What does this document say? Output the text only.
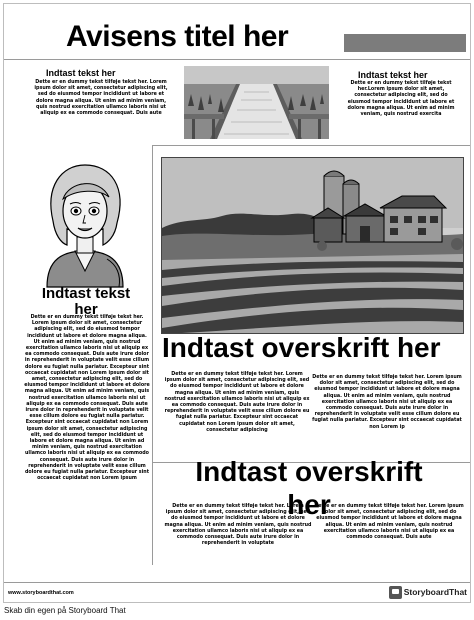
Avisens titel her
Indtast tekst her
Dette er en dummy tekst tilføje tekst her. Lorem ipsum dolor sit amet, consectetur adipiscing elit, sed do eiusmod tempor incididunt ut labore et dolore magna aliqua. Ut enim ad minim veniam, quis nostrud exercitation ullamco laboris nisi ut aliquip ex ea commodo consequat. Duis aute
Indtast tekst her
Dette er en dummy tekst tilføje tekst her.Lorem ipsum dolor sit amet, consectetur adipiscing elit, sed do eiusmod tempor incididunt ut labore et dolore magna aliqua. Ut enim ad minim veniam, quis nostrud exercita
Indtast tekst her
Dette er en dummy tekst tilføje tekst her. Lorem ipsum dolor sit amet, consectetur adipiscing elit, sed do eiusmod tempor incididunt ut labore et dolore magna aliqua. Ut enim ad minim veniam, quis nostrud exercitation ullamco laboris nisi ut aliquip ex ea commodo consequat. Duis aute irure dolor in reprehenderit in voluptate velit esse cillum dolore eu fugiat nulla pariatur. Excepteur sint occaecat cupidatat non Lorem ipsum dolor sit amet, consectetur adipiscing elit, sed do eiusmod tempor incididunt ut labore et dolore magna aliqua. Ut enim ad minim veniam, quis nostrud exercitation ullamco laboris nisi ut aliquip ex ea commodo consequat. Duis aute irure dolor in reprehenderit in voluptate velit esse cillum dolore eu fugiat nulla pariatur. Excepteur sint occaecat cupidatat non Lorem ipsum dolor sit amet, consectetur adipiscing elit, sed do eiusmod tempor incididunt ut labore et dolore magna aliqua. Ut enim ad minim veniam, quis nostrud exercitation ullamco laboris nisi ut aliquip ex ea commodo consequat. Duis aute irure dolor in reprehenderit in voluptate velit esse cillum dolore eu fugiat nulla pariatur. Excepteur sint occaecat cupidatat non Lorem ipsum
Indtast overskrift her
Dette er en dummy tekst tilføje tekst her. Lorem ipsum dolor sit amet, consectetur adipiscing elit, sed do eiusmod tempor incididunt ut labore et dolore magna aliqua. Ut enim ad minim veniam, quis nostrud exercitation ullamco laboris nisi ut aliquip ex ea commodo consequat. Duis aute irure dolor in reprehenderit in voluptate velit esse cillum dolore eu fugiat nulla pariatur. Excepteur sint occaecat cupidatat non Lorem ipsum dolor sit amet, consectetur adipiscing
Dette er en dummy tekst tilføje tekst her. Lorem ipsum dolor sit amet, consectetur adipiscing elit, sed do eiusmod tempor incididunt ut labore et dolore magna aliqua. Ut enim ad minim veniam, quis nostrud exercitation ullamco laboris nisi ut aliquip ex ea commodo consequat. Duis aute irure dolor in reprehenderit in voluptate velit esse cillum dolore eu fugiat nulla pariatur. Excepteur sint occaecat cupidatat non Lorem ip
Indtast overskrift her
Dette er en dummy tekst tilføje tekst her. Lorem ipsum dolor sit amet, consectetur adipiscing elit, sed do eiusmod tempor incididunt ut labore et dolore magna aliqua. Ut enim ad minim veniam, quis nostrud exercitation ullamco laboris nisi ut aliquip ex ea commodo consequat. Duis aute irure dolor in reprehenderit in voluptate
Dette er en dummy tekst tilføje tekst her. Lorem ipsum dolor sit amet, consectetur adipiscing elit, sed do eiusmod tempor incididunt ut labore et dolore magna aliqua. Ut enim ad minim veniam, quis nostrud exercitation ullamco laboris nisi ut aliquip ex ea commodo consequat. Duis aute
www.storyboardthat.com	StoryboardThat
Skab din egen på Storyboard That
